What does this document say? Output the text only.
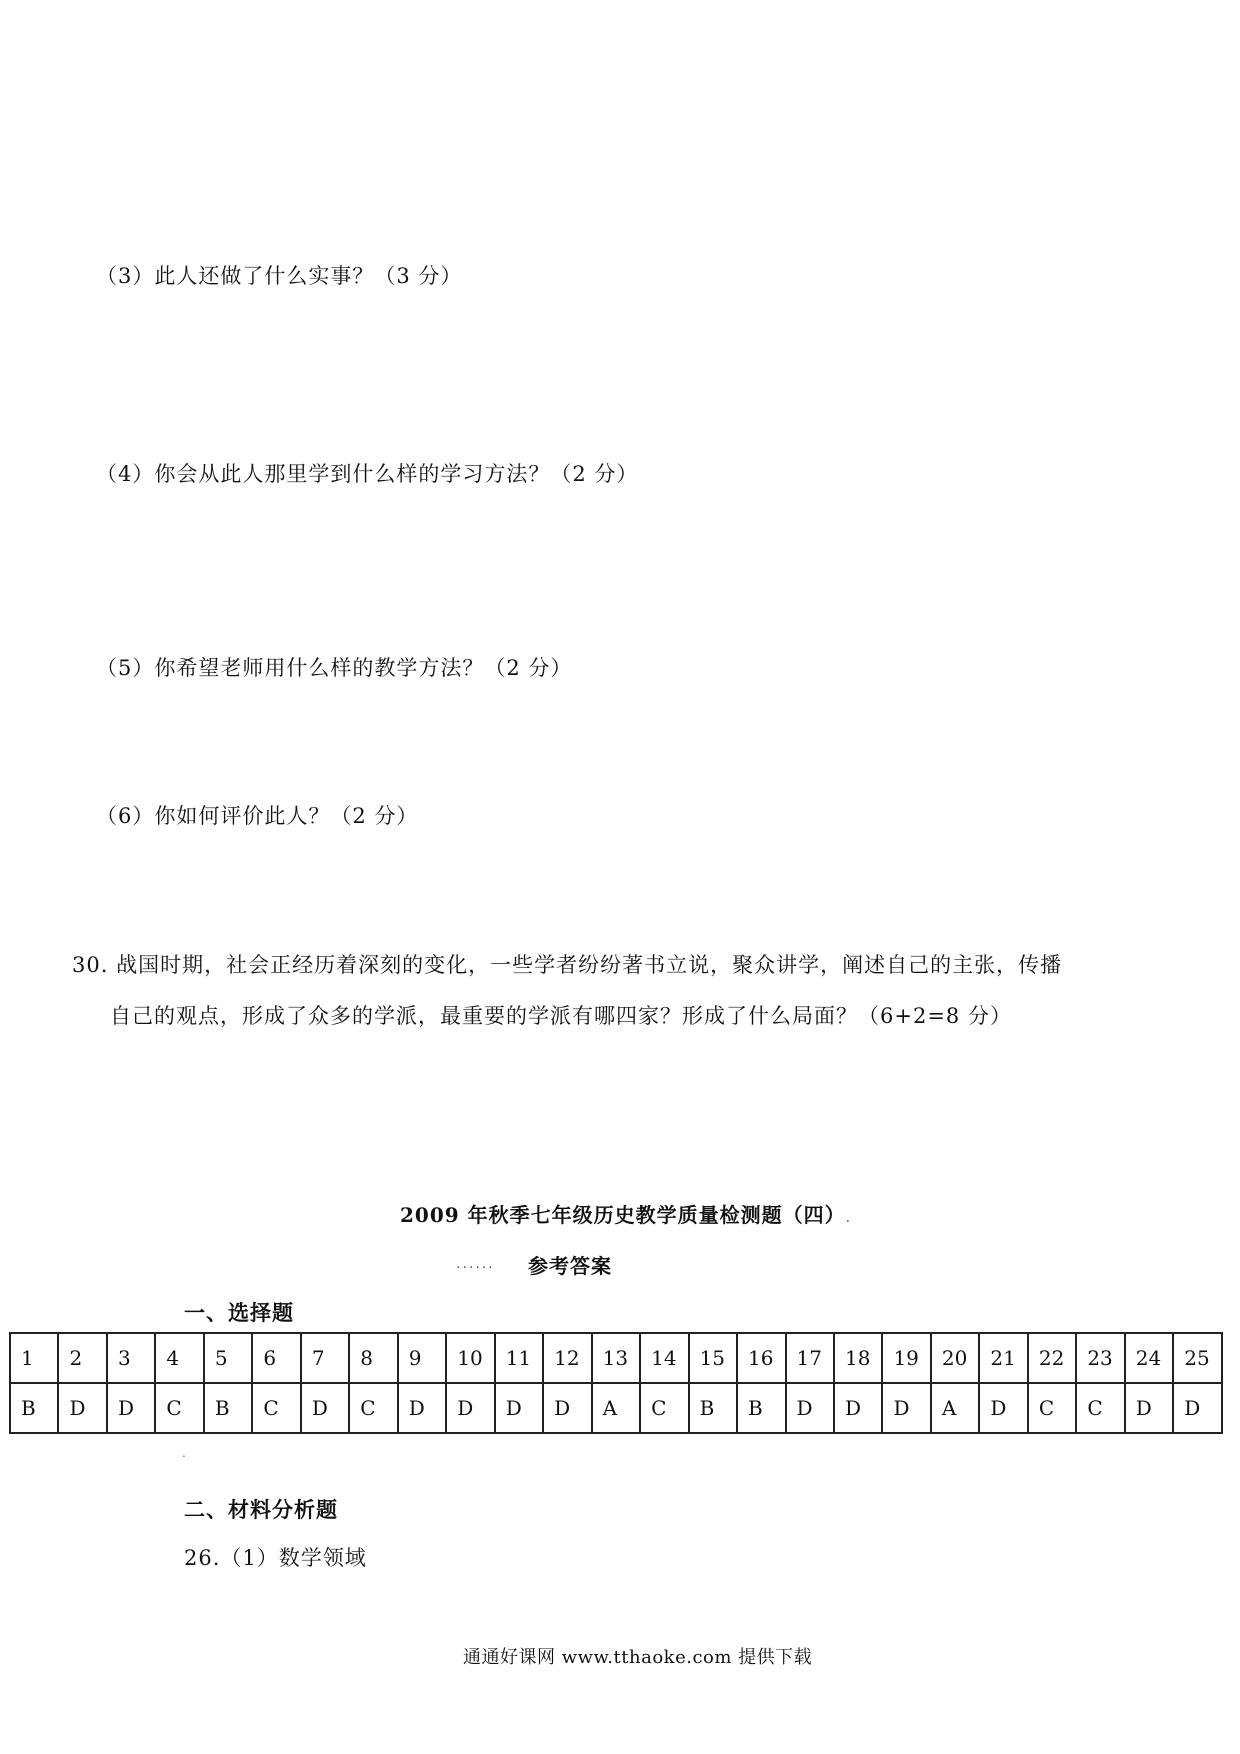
（3）此人还做了什么实事？（3 分）
（4）你会从此人那里学到什么样的学习方法？（2 分）
（5）你希望老师用什么样的教学方法？（2 分）
（6）你如何评价此人？（2 分）
30. 战国时期，社会正经历着深刻的变化，一些学者纷纷著书立说，聚众讲学，阐述自己的主张，传播
自己的观点，形成了众多的学派，最重要的学派有哪四家？形成了什么局面？（6+2=8 分）
2009 年秋季七年级历史教学质量检测题（四）.
...... 参考答案
一、选择题
1	2	3	4	5	6	7	8	9	10	11	12	13	14	15	16	17	18	19	20	21	22	23	24	25
B	D	D	C	B	C	D	C	D	D	D	D	A	C	B	B	D	D	D	A	D	C	C	D	D
.
二、材料分析题
26.（1）数学领域
通通好课网 www.tthaoke.com 提供下载
